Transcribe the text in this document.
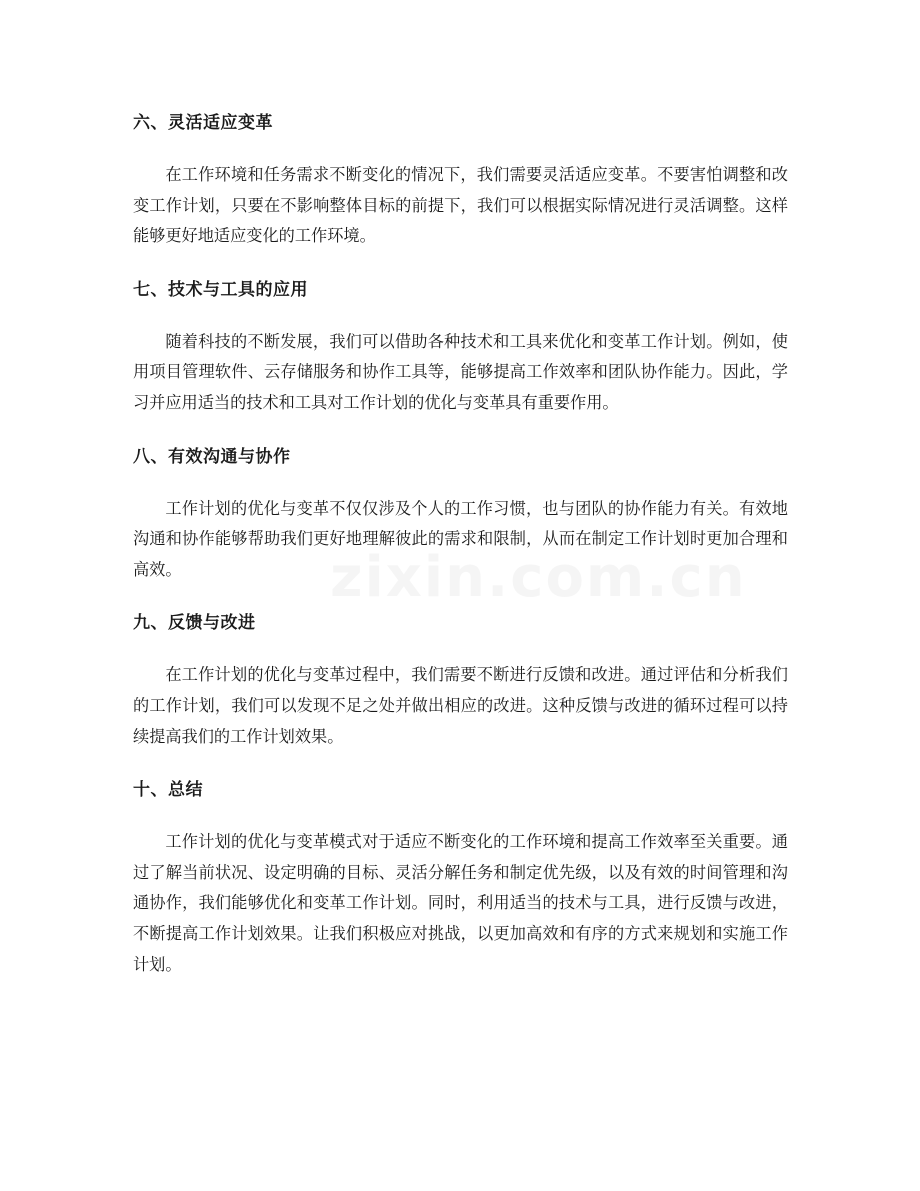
zixin.com.cn
六、灵活适应变革

在工作环境和任务需求不断变化的情况下，我们需要灵活适应变革。不要害怕调整和改变工作计划，只要在不影响整体目标的前提下，我们可以根据实际情况进行灵活调整。这样能够更好地适应变化的工作环境。

七、技术与工具的应用

随着科技的不断发展，我们可以借助各种技术和工具来优化和变革工作计划。例如，使用项目管理软件、云存储服务和协作工具等，能够提高工作效率和团队协作能力。因此，学习并应用适当的技术和工具对工作计划的优化与变革具有重要作用。

八、有效沟通与协作

工作计划的优化与变革不仅仅涉及个人的工作习惯，也与团队的协作能力有关。有效地沟通和协作能够帮助我们更好地理解彼此的需求和限制，从而在制定工作计划时更加合理和高效。

九、反馈与改进

在工作计划的优化与变革过程中，我们需要不断进行反馈和改进。通过评估和分析我们的工作计划，我们可以发现不足之处并做出相应的改进。这种反馈与改进的循环过程可以持续提高我们的工作计划效果。

十、总结

工作计划的优化与变革模式对于适应不断变化的工作环境和提高工作效率至关重要。通过了解当前状况、设定明确的目标、灵活分解任务和制定优先级，以及有效的时间管理和沟通协作，我们能够优化和变革工作计划。同时，利用适当的技术与工具，进行反馈与改进，不断提高工作计划效果。让我们积极应对挑战，以更加高效和有序的方式来规划和实施工作计划。
